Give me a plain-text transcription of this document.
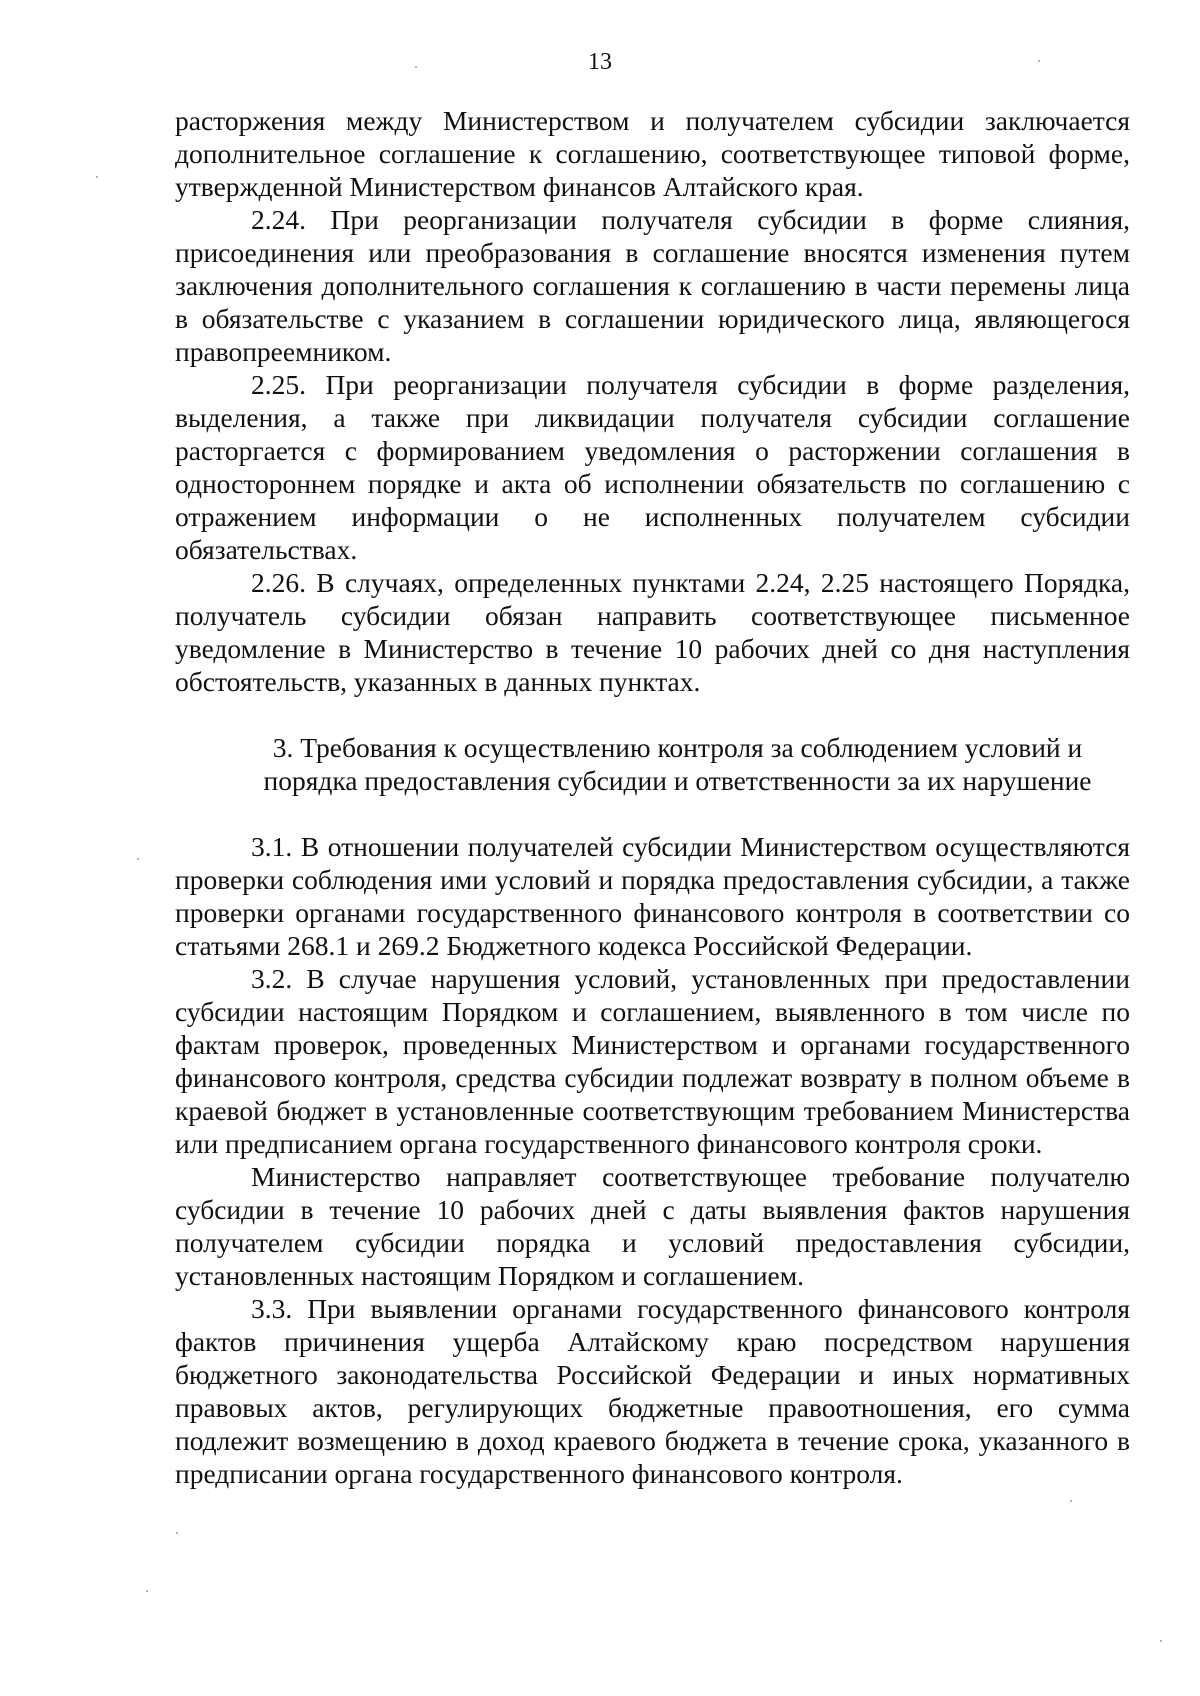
13

расторжения между Министерством и получателем субсидии заключается дополнительное соглашение к соглашению, соответствующее типовой форме, утвержденной Министерством финансов Алтайского края.

2.24. При реорганизации получателя субсидии в форме слияния, присоединения или преобразования в соглашение вносятся изменения путем заключения дополнительного соглашения к соглашению в части перемены лица в обязательстве с указанием в соглашении юридического лица, являющегося правопреемником.

2.25. При реорганизации получателя субсидии в форме разделения, выделения, а также при ликвидации получателя субсидии соглашение расторгается с формированием уведомления о расторжении соглашения в одностороннем порядке и акта об исполнении обязательств по соглашению с отражением информации о не исполненных получателем субсидии обязательствах.

2.26. В случаях, определенных пунктами 2.24, 2.25 настоящего Порядка, получатель субсидии обязан направить соответствующее письменное уведомление в Министерство в течение 10 рабочих дней со дня наступления обстоятельств, указанных в данных пунктах.

3. Требования к осуществлению контроля за соблюдением условий и

порядка предоставления субсидии и ответственности за их нарушение

3.1. В отношении получателей субсидии Министерством осуществляются проверки соблюдения ими условий и порядка предоставления субсидии, а также проверки органами государственного финансового контроля в соответствии со статьями 268.1 и 269.2 Бюджетного кодекса Российской Федерации.

3.2. В случае нарушения условий, установленных при предоставлении субсидии настоящим Порядком и соглашением, выявленного в том числе по фактам проверок, проведенных Министерством и органами государственного финансового контроля, средства субсидии подлежат возврату в полном объеме в краевой бюджет в установленные соответствующим требованием Министерства или предписанием органа государственного финансового контроля сроки.

Министерство направляет соответствующее требование получателю субсидии в течение 10 рабочих дней с даты выявления фактов нарушения получателем субсидии порядка и условий предоставления субсидии, установленных настоящим Порядком и соглашением.

3.3. При выявлении органами государственного финансового контроля фактов причинения ущерба Алтайскому краю посредством нарушения бюджетного законодательства Российской Федерации и иных нормативных правовых актов, регулирующих бюджетные правоотношения, его сумма подлежит возмещению в доход краевого бюджета в течение срока, указанного в предписании органа государственного финансового контроля.
